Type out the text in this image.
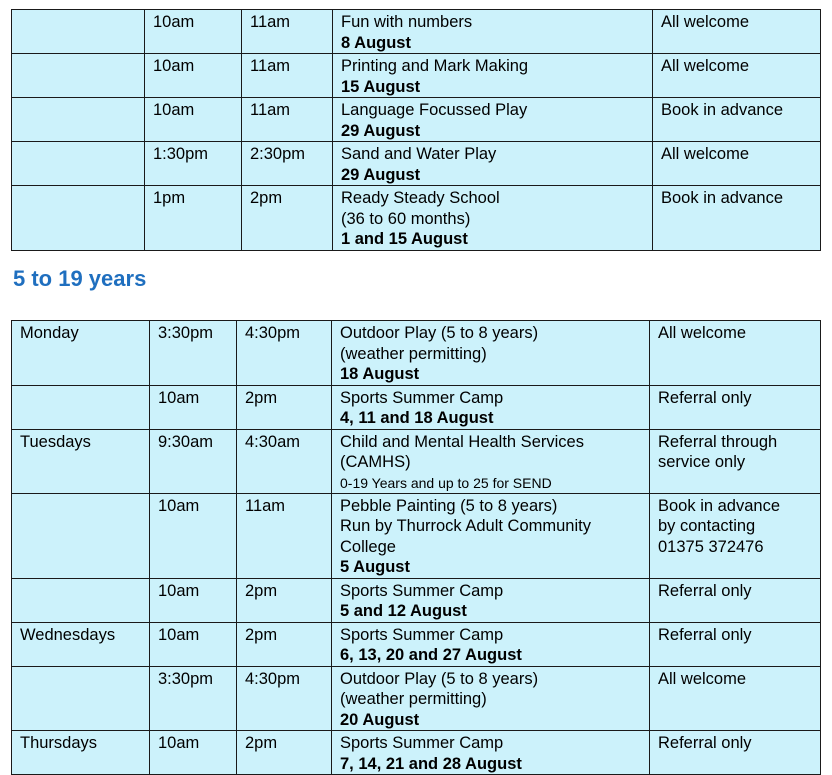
	10am	11am	Fun with numbers
8 August	All welcome

	10am	11am	Printing and Mark Making
15 August	All welcome

	10am	11am	Language Focussed Play
29 August	Book in advance

	1:30pm	2:30pm	Sand and Water Play
29 August	All welcome

	1pm	2pm	Ready Steady School
(36 to 60 months)
1 and 15 August	Book in advance
5 to 19 years
Monday	3:30pm	4:30pm	Outdoor Play (5 to 8 years)
(weather permitting)
18 August	All welcome

	10am	2pm	Sports Summer Camp
4, 11 and 18 August	Referral only

Tuesdays	9:30am	4:30am	Child and Mental Health Services
(CAMHS)
0-19 Years and up to 25 for SEND	Referral through
service only

	10am	11am	Pebble Painting (5 to 8 years)
Run by Thurrock Adult Community
College
5 August	Book in advance
by contacting
01375 372476

	10am	2pm	Sports Summer Camp
5 and 12 August	Referral only

Wednesdays	10am	2pm	Sports Summer Camp
6, 13, 20 and 27 August	Referral only

	3:30pm	4:30pm	Outdoor Play (5 to 8 years)
(weather permitting)
20 August	All welcome

Thursdays	10am	2pm	Sports Summer Camp
7, 14, 21 and 28 August	Referral only
